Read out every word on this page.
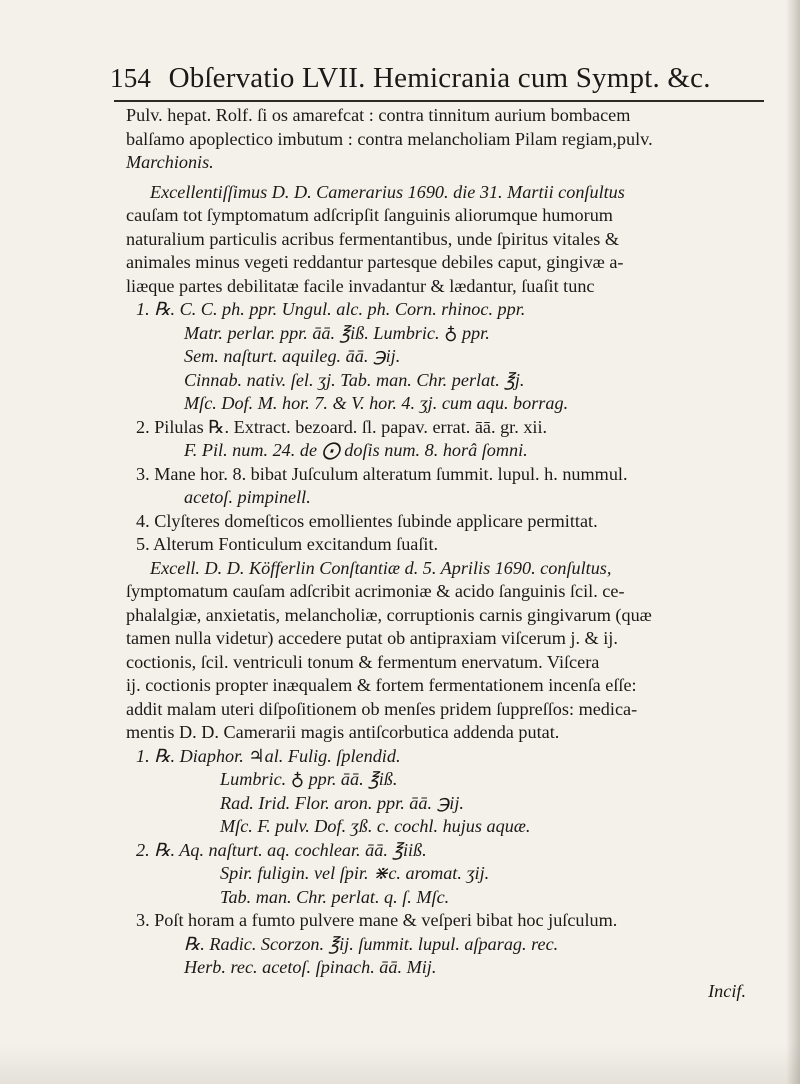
154 Obſervatio LVII. Hemicrania cum Sympt. &c.
Pulv. hepat. Rolf. ſi os amarefcat : contra tinnitum aurium bombacem
balſamo apoplectico imbutum : contra melancholiam Pilam regiam,pulv.
Marchionis.
Excellentiſſimus D. D. Camerarius 1690. die 31. Martii conſultus
cauſam tot ſymptomatum adſcripſit ſanguinis aliorumque humorum
naturalium particulis acribus fermentantibus, unde ſpiritus vitales &
animales minus vegeti reddantur partesque debiles caput, gingivæ a-
liæque partes debilitatæ facile invadantur & lædantur, ſuaſit tunc
1. ℞. C. C. ph. ppr. Ungul. alc. ph. Corn. rhinoc. ppr.
Matr. perlar. ppr. āā. ℥iß. Lumbric. ♁ ppr.
Sem. naſturt. aquileg. āā. ℈ij.
Cinnab. nativ. ſel. ʒj. Tab. man. Chr. perlat. ℥j.
Mſc. Dof. M. hor. 7. & V. hor. 4. ʒj. cum aqu. borrag.
2. Pilulas ℞. Extract. bezoard. ſl. papav. errat. āā. gr. xii.
F. Pil. num. 24. de ⨀ doſis num. 8. horâ ſomni.
3. Mane hor. 8. bibat Juſculum alteratum ſummit. lupul. h. nummul.
acetoſ. pimpinell.
4. Clyſteres domeſticos emollientes ſubinde applicare permittat.
5. Alterum Fonticulum excitandum ſuaſit.
Excell. D. D. Köfferlin Conſtantiæ d. 5. Aprilis 1690. conſultus,
ſymptomatum cauſam adſcribit acrimoniæ & acido ſanguinis ſcil. ce-
phalalgiæ, anxietatis, melancholiæ, corruptionis carnis gingivarum (quæ
tamen nulla videtur) accedere putat ob antipraxiam viſcerum j. & ij.
coctionis, ſcil. ventriculi tonum & fermentum enervatum. Viſcera
ij. coctionis propter inæqualem & fortem fermentationem incenſa eſſe:
addit malam uteri diſpoſitionem ob menſes pridem ſuppreſſos: medica-
mentis D. D. Camerarii magis antiſcorbutica addenda putat.
1. ℞. Diaphor. ♃al. Fulig. ſplendid.
Lumbric. ♁ ppr. āā. ℥iß.
Rad. Irid. Flor. aron. ppr. āā. ℈ij.
Mſc. F. pulv. Dof. ʒß. c. cochl. hujus aquæ.
2. ℞. Aq. naſturt. aq. cochlear. āā. ℥iiß.
Spir. fuligin. vel ſpir. ⋇c. aromat. ʒij.
Tab. man. Chr. perlat. q. ſ. Mſc.
3. Poſt horam a fumto pulvere mane & veſperi bibat hoc juſculum.
℞. Radic. Scorzon. ℥ij. ſummit. lupul. aſparag. rec.
Herb. rec. acetoſ. ſpinach. āā. Mij.
Incif.
